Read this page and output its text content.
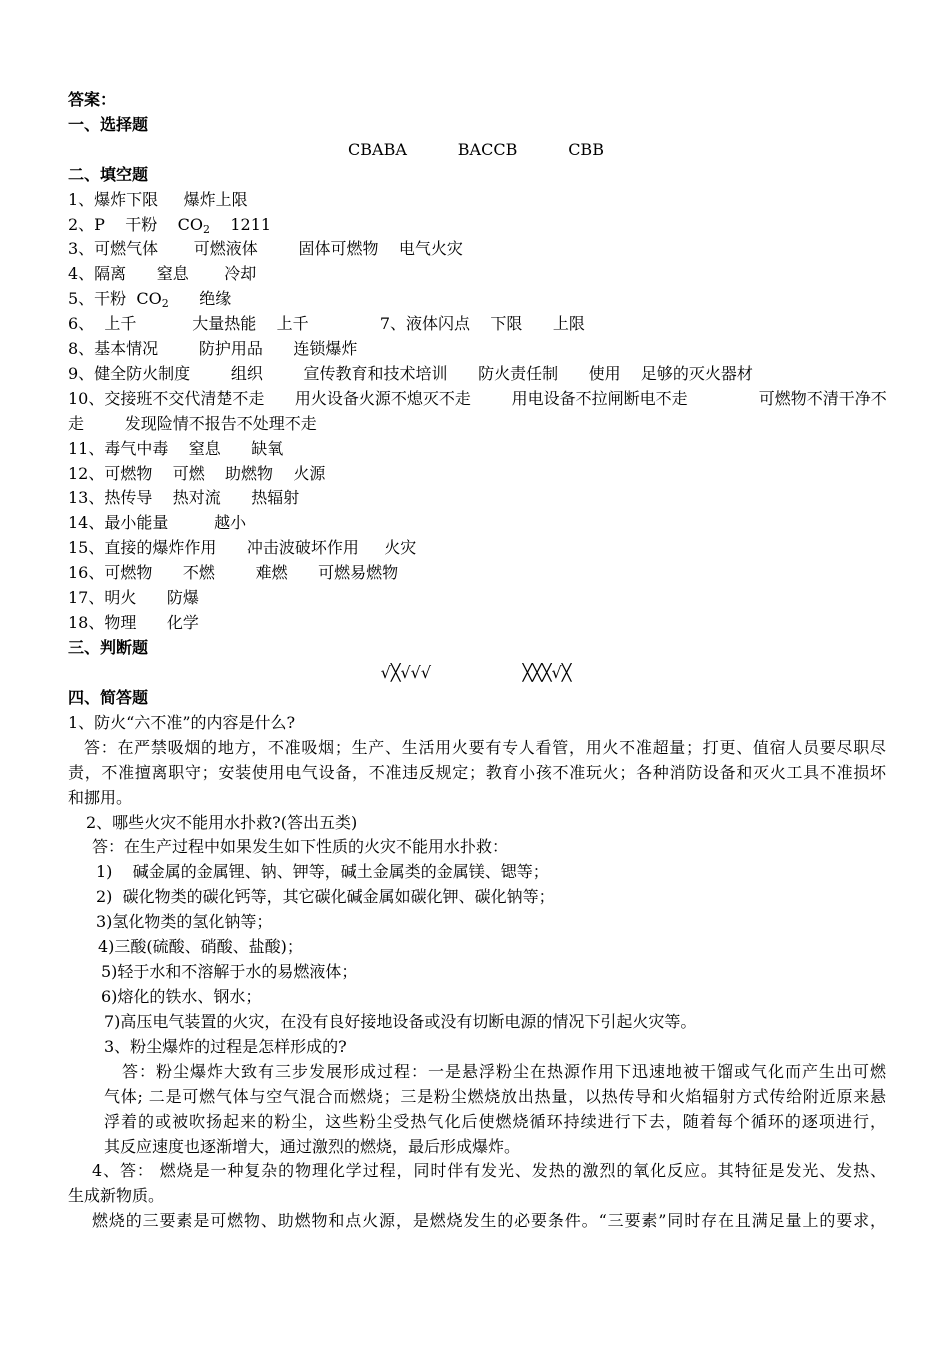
答案：
一、选择题
CBABA          BACCB          CBB
二、填空题
1、爆炸下限     爆炸上限
2、P    干粉    $CO_2$    1211
3、可燃气体       可燃液体        固体可燃物    电气火灾
4、隔离      窒息       冷却
5、干粉  $CO_2$      绝缘
6、  上千           大量热能    上千              7、液体闪点    下限      上限
8、基本情况        防护用品      连锁爆炸
9、健全防火制度        组织        宣传教育和技术培训      防火责任制      使用    足够的灭火器材
10、交接班不交代清楚不走      用火设备火源不熄灭不走        用电设备不拉闸断电不走              可燃物不清干净不
走        发现险情不报告不处理不走
11、毒气中毒    窒息      缺氧
12、可燃物    可燃    助燃物    火源
13、热传导    热对流      热辐射
14、最小能量         越小
15、直接的爆炸作用      冲击波破坏作用     火灾
16、可燃物      不燃        难燃      可燃易燃物
17、明火      防爆
18、物理      化学
三、判断题
√╳√√√                  ╳╳╳√╳
四、简答题
1、防火“六不准”的内容是什么?
答：在严禁吸烟的地方，不准吸烟；生产、生活用火要有专人看管，用火不准超量；打更、值宿人员要尽职尽
责，不准擅离职守；安装使用电气设备，不准违反规定；教育小孩不准玩火；各种消防设备和灭火工具不准损坏
和挪用。
2、哪些火灾不能用水扑救?(答出五类)
答：在生产过程中如果发生如下性质的火灾不能用水扑救：
1)    碱金属的金属锂、钠、钾等，碱土金属类的金属镁、锶等；
2)  碳化物类的碳化钙等，其它碳化碱金属如碳化钾、碳化钠等；
3)氢化物类的氢化钠等；
4)三酸(硫酸、硝酸、盐酸)；
5)轻于水和不溶解于水的易燃液体；
6)熔化的铁水、钢水；
7)高压电气装置的火灾，在没有良好接地设备或没有切断电源的情况下引起火灾等。
3、粉尘爆炸的过程是怎样形成的?
答：粉尘爆炸大致有三步发展形成过程：一是悬浮粉尘在热源作用下迅速地被干馏或气化而产生出可燃
气体; 二是可燃气体与空气混合而燃烧；三是粉尘燃烧放出热量，以热传导和火焰辐射方式传给附近原来悬
浮着的或被吹扬起来的粉尘，这些粉尘受热气化后使燃烧循环持续进行下去，随着每个循环的逐项进行，
其反应速度也逐渐增大，通过激烈的燃烧，最后形成爆炸。
4、答： 燃烧是一种复杂的物理化学过程，同时伴有发光、发热的激烈的氧化反应。其特征是发光、发热、
生成新物质。
燃烧的三要素是可燃物、助燃物和点火源，是燃烧发生的必要条件。“三要素”同时存在且满足量上的要求，
